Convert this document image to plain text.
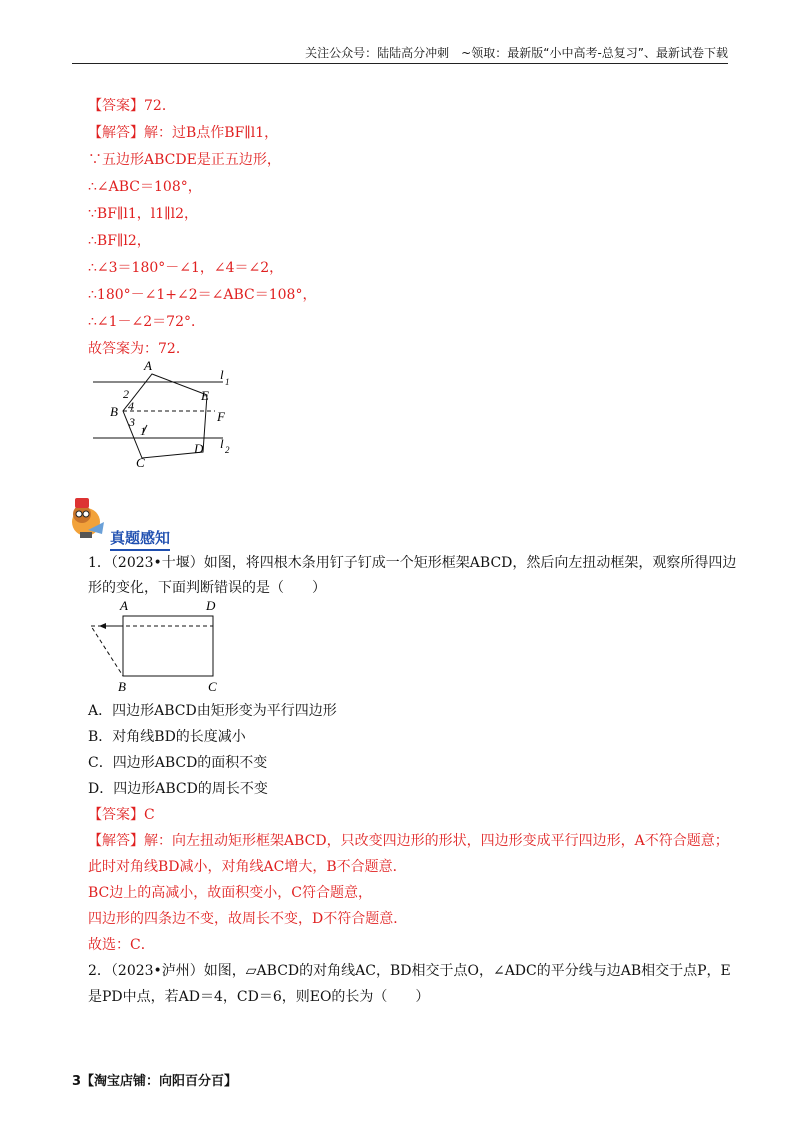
关注公众号：陆陆高分冲刺　~领取：最新版“小中高考-总复习”、最新试卷下载
【答案】72．
【解答】解：过B点作BF∥l1，
∵五边形ABCDE是正五边形，
∴∠ABC＝108°，
∵BF∥l1，l1∥l2，
∴BF∥l2，
∴∠3＝180°－∠1，∠4＝∠2，
∴180°－∠1+∠2＝∠ABC＝108°，
∴∠1－∠2＝72°．
故答案为：72．
A
B
C
D
E
F
l 1
l 2
2
4
3
1
真题感知
1．（2023•十堰）如图，将四根木条用钉子钉成一个矩形框架ABCD，然后向左扭动框架，观察所得四边
形的变化，下面判断错误的是（　　）
A	D
B	C
A．四边形ABCD由矩形变为平行四边形
B．对角线BD的长度减小
C．四边形ABCD的面积不变
D．四边形ABCD的周长不变
【答案】C
【解答】解：向左扭动矩形框架ABCD，只改变四边形的形状，四边形变成平行四边形，A不符合题意；
此时对角线BD减小，对角线AC增大，B不合题意．
BC边上的高减小，故面积变小，C符合题意，
四边形的四条边不变，故周长不变，D不符合题意．
故选：C．
2．（2023•泸州）如图，▱ABCD的对角线AC，BD相交于点O，∠ADC的平分线与边AB相交于点P，E
是PD中点，若AD＝4，CD＝6，则EO的长为（　　）
3【淘宝店铺：向阳百分百】
